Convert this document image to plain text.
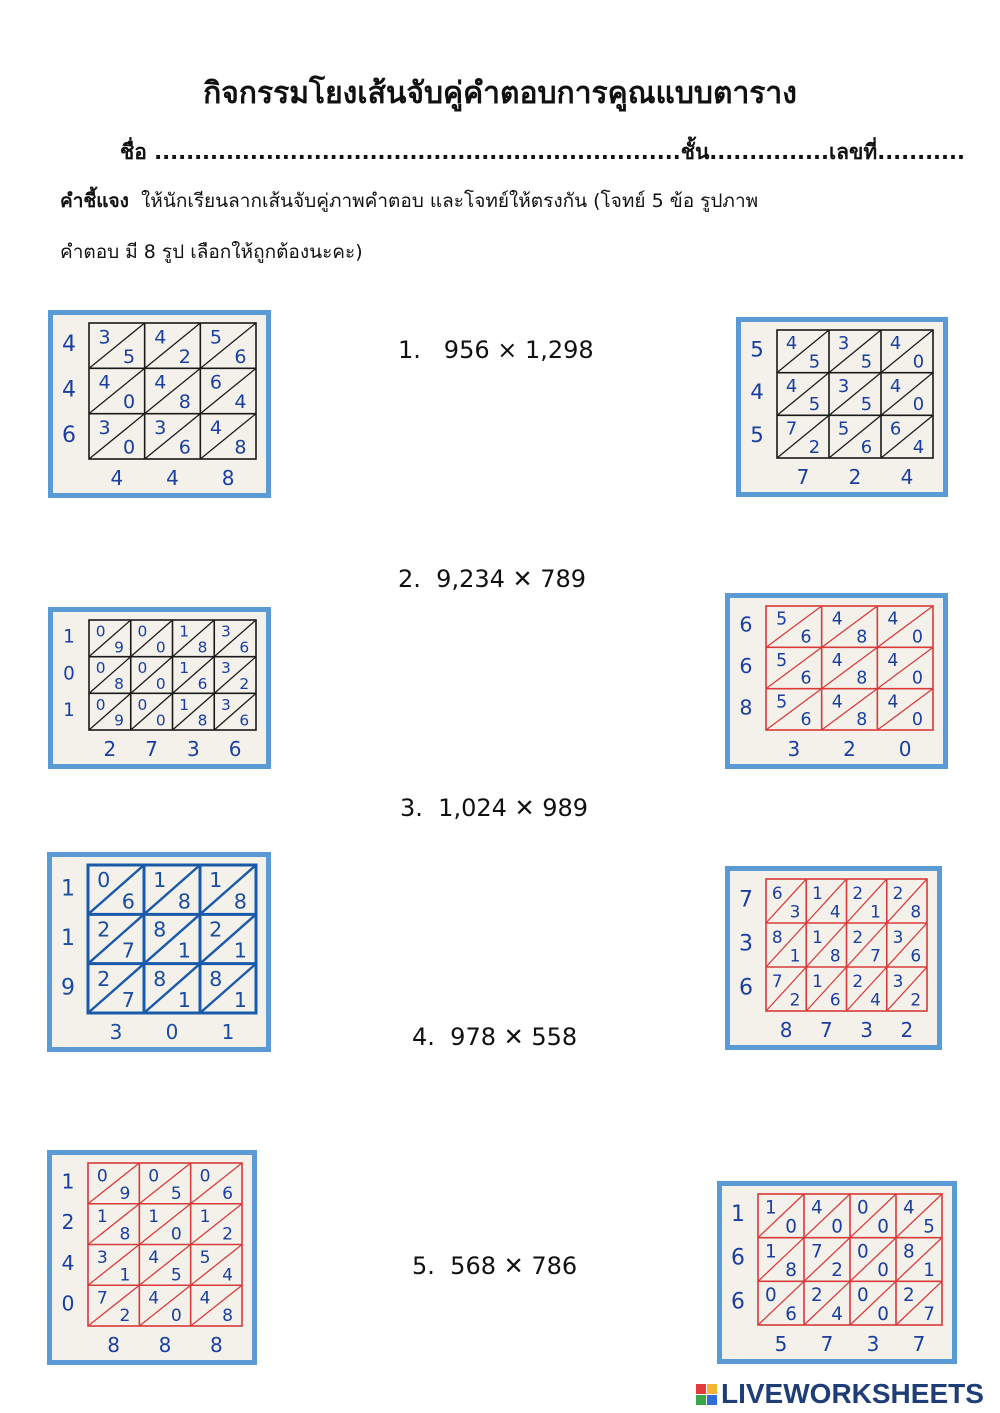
กิจกรรมโยงเส้นจับคู่คำตอบการคูณแบบตาราง
ชื่อ ..................................................................ชั้น...............เลขที่...........
คำชี้แจง ให้นักเรียนลากเส้นจับคู่ภาพคำตอบ และโจทย์ให้ตรงกัน (โจทย์ 5 ข้อ รูปภาพ
คำตอบ มี 8 รูป เลือกให้ถูกต้องนะคะ)
1. 956 × 1,298
2. 9,234 ✕ 789
3. 1,024 ✕ 989
4. 978 ✕ 558
5. 568 ✕ 786
3
5
4
2
5
6
4
0
4
8
6
4
3
0
3
6
4
8
4
4
6
4 4 8
0
9
0
0
1
8
3
6
0
8
0
0
1
6
3
2
0
9
0
0
1
8
3
6
1
0
1
2 7 3 6
0
6
1
8
1
8
2
7
8
1
2
1
2
7
8
1
8
1
1
1
9
3 0 1
0
9
0
5
0
6
1
8
1
0
1
2
3
1
4
5
5
4
7
2
4
0
4
8
1
2
4
0
8 8 8
4
5
3
5
4
0
4
5
3
5
4
0
7
2
5
6
6
4
5
4
5
7 2 4
5
6
4
8
4
0
5
6
4
8
4
0
5
6
4
8
4
0
6
6
8
3 2 0
6
3
1
4
2
1
2
8
8
1
1
8
2
7
3
6
7
2
1
6
2
4
3
2
7
3
6
8 7 3 2
1
0
4
0
0
0
4
5
1
8
7
2
0
0
8
1
0
6
2
4
0
0
2
7
1
6
6
5 7 3 7
LIVEWORKSHEETS
